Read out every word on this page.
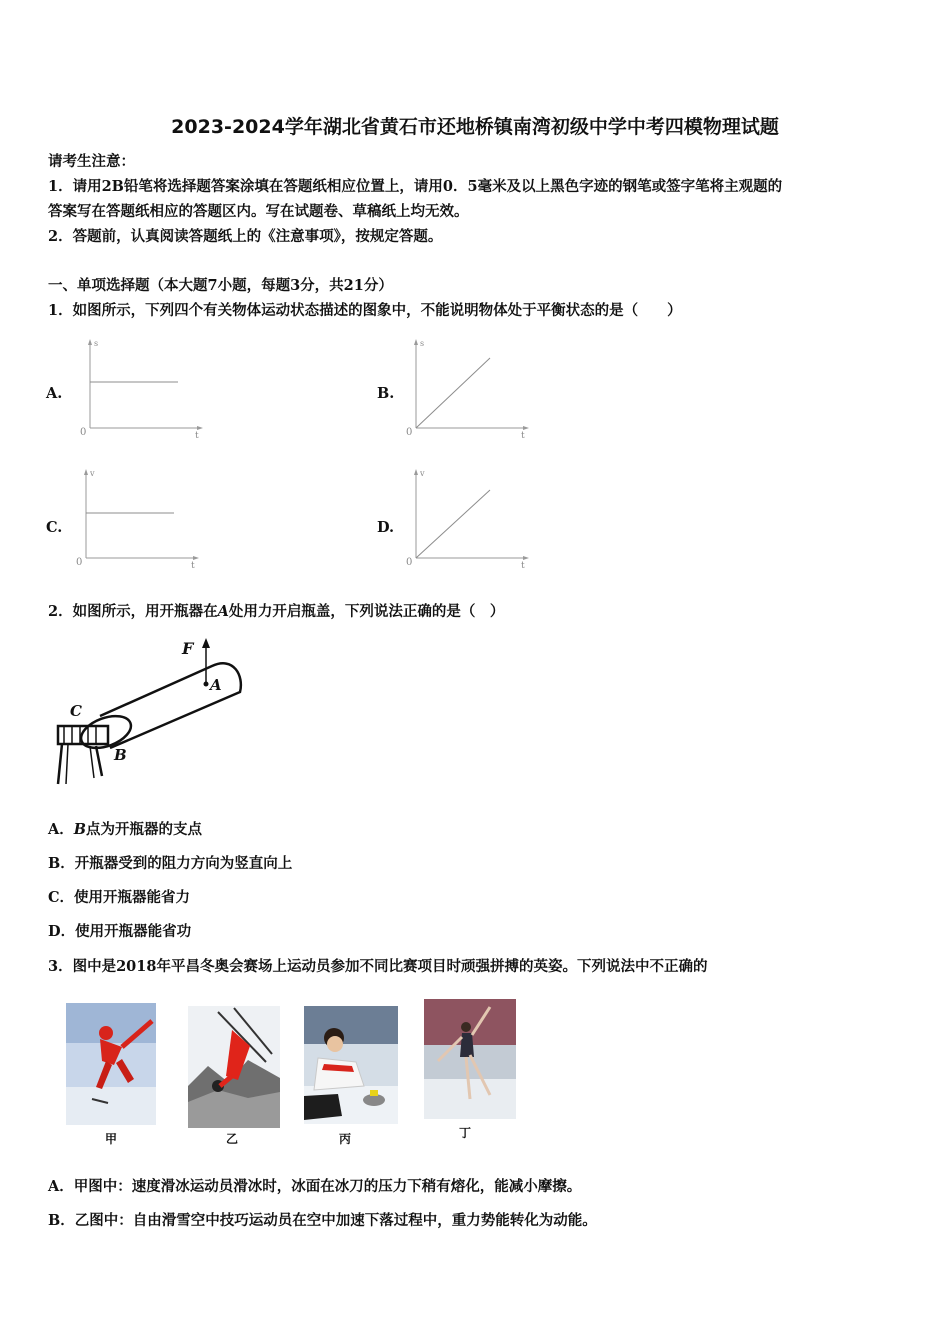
2023-2024学年湖北省黄石市还地桥镇南湾初级中学中考四模物理试题
请考生注意：
1．请用2B铅笔将选择题答案涂填在答题纸相应位置上，请用0．5毫米及以上黑色字迹的钢笔或签字笔将主观题的
答案写在答题纸相应的答题区内。写在试题卷、草稿纸上均无效。
2．答题前，认真阅读答题纸上的《注意事项》，按规定答题。
一、单项选择题（本大题7小题，每题3分，共21分）
1．如图所示，下列四个有关物体运动状态描述的图象中，不能说明物体处于平衡状态的是（　　）
A.
s
t
0
B.
s
t
0
C.
v
t
0
D.
v
t
0
2．如图所示，用开瓶器在A处用力开启瓶盖，下列说法正确的是（　）
F
A
C
B
A．B点为开瓶器的支点
B．开瓶器受到的阻力方向为竖直向上
C．使用开瓶器能省力
D．使用开瓶器能省功
3．图中是2018年平昌冬奥会赛场上运动员参加不同比赛项目时顽强拼搏的英姿。下列说法中不正确的
甲	乙	丙	丁
A．甲图中：速度滑冰运动员滑冰时，冰面在冰刀的压力下稍有熔化，能减小摩擦。
B．乙图中：自由滑雪空中技巧运动员在空中加速下落过程中，重力势能转化为动能。
